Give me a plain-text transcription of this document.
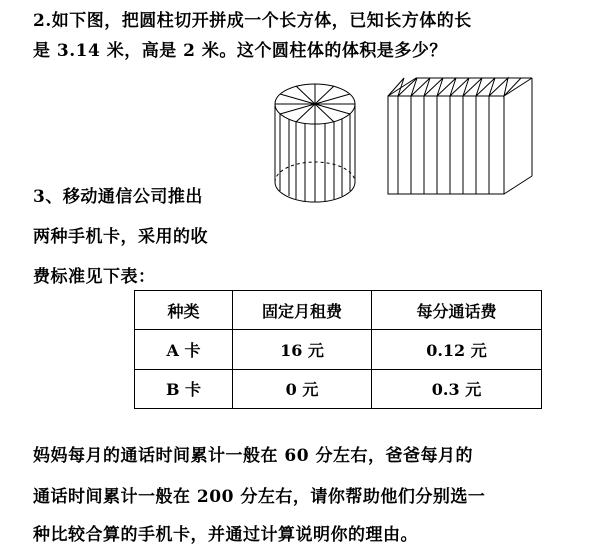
2.如下图，把圆柱切开拼成一个长方体，已知长方体的长
是 3.14 米，高是 2 米。这个圆柱体的体积是多少？
3、移动通信公司推出
两种手机卡，采用的收
费标准见下表：
种类	固定月租费	每分通话费
A 卡	16 元	0.12 元
B 卡	0 元	0.3 元
妈妈每月的通话时间累计一般在 60 分左右，爸爸每月的
通话时间累计一般在 200 分左右，请你帮助他们分别选一
种比较合算的手机卡，并通过计算说明你的理由。
